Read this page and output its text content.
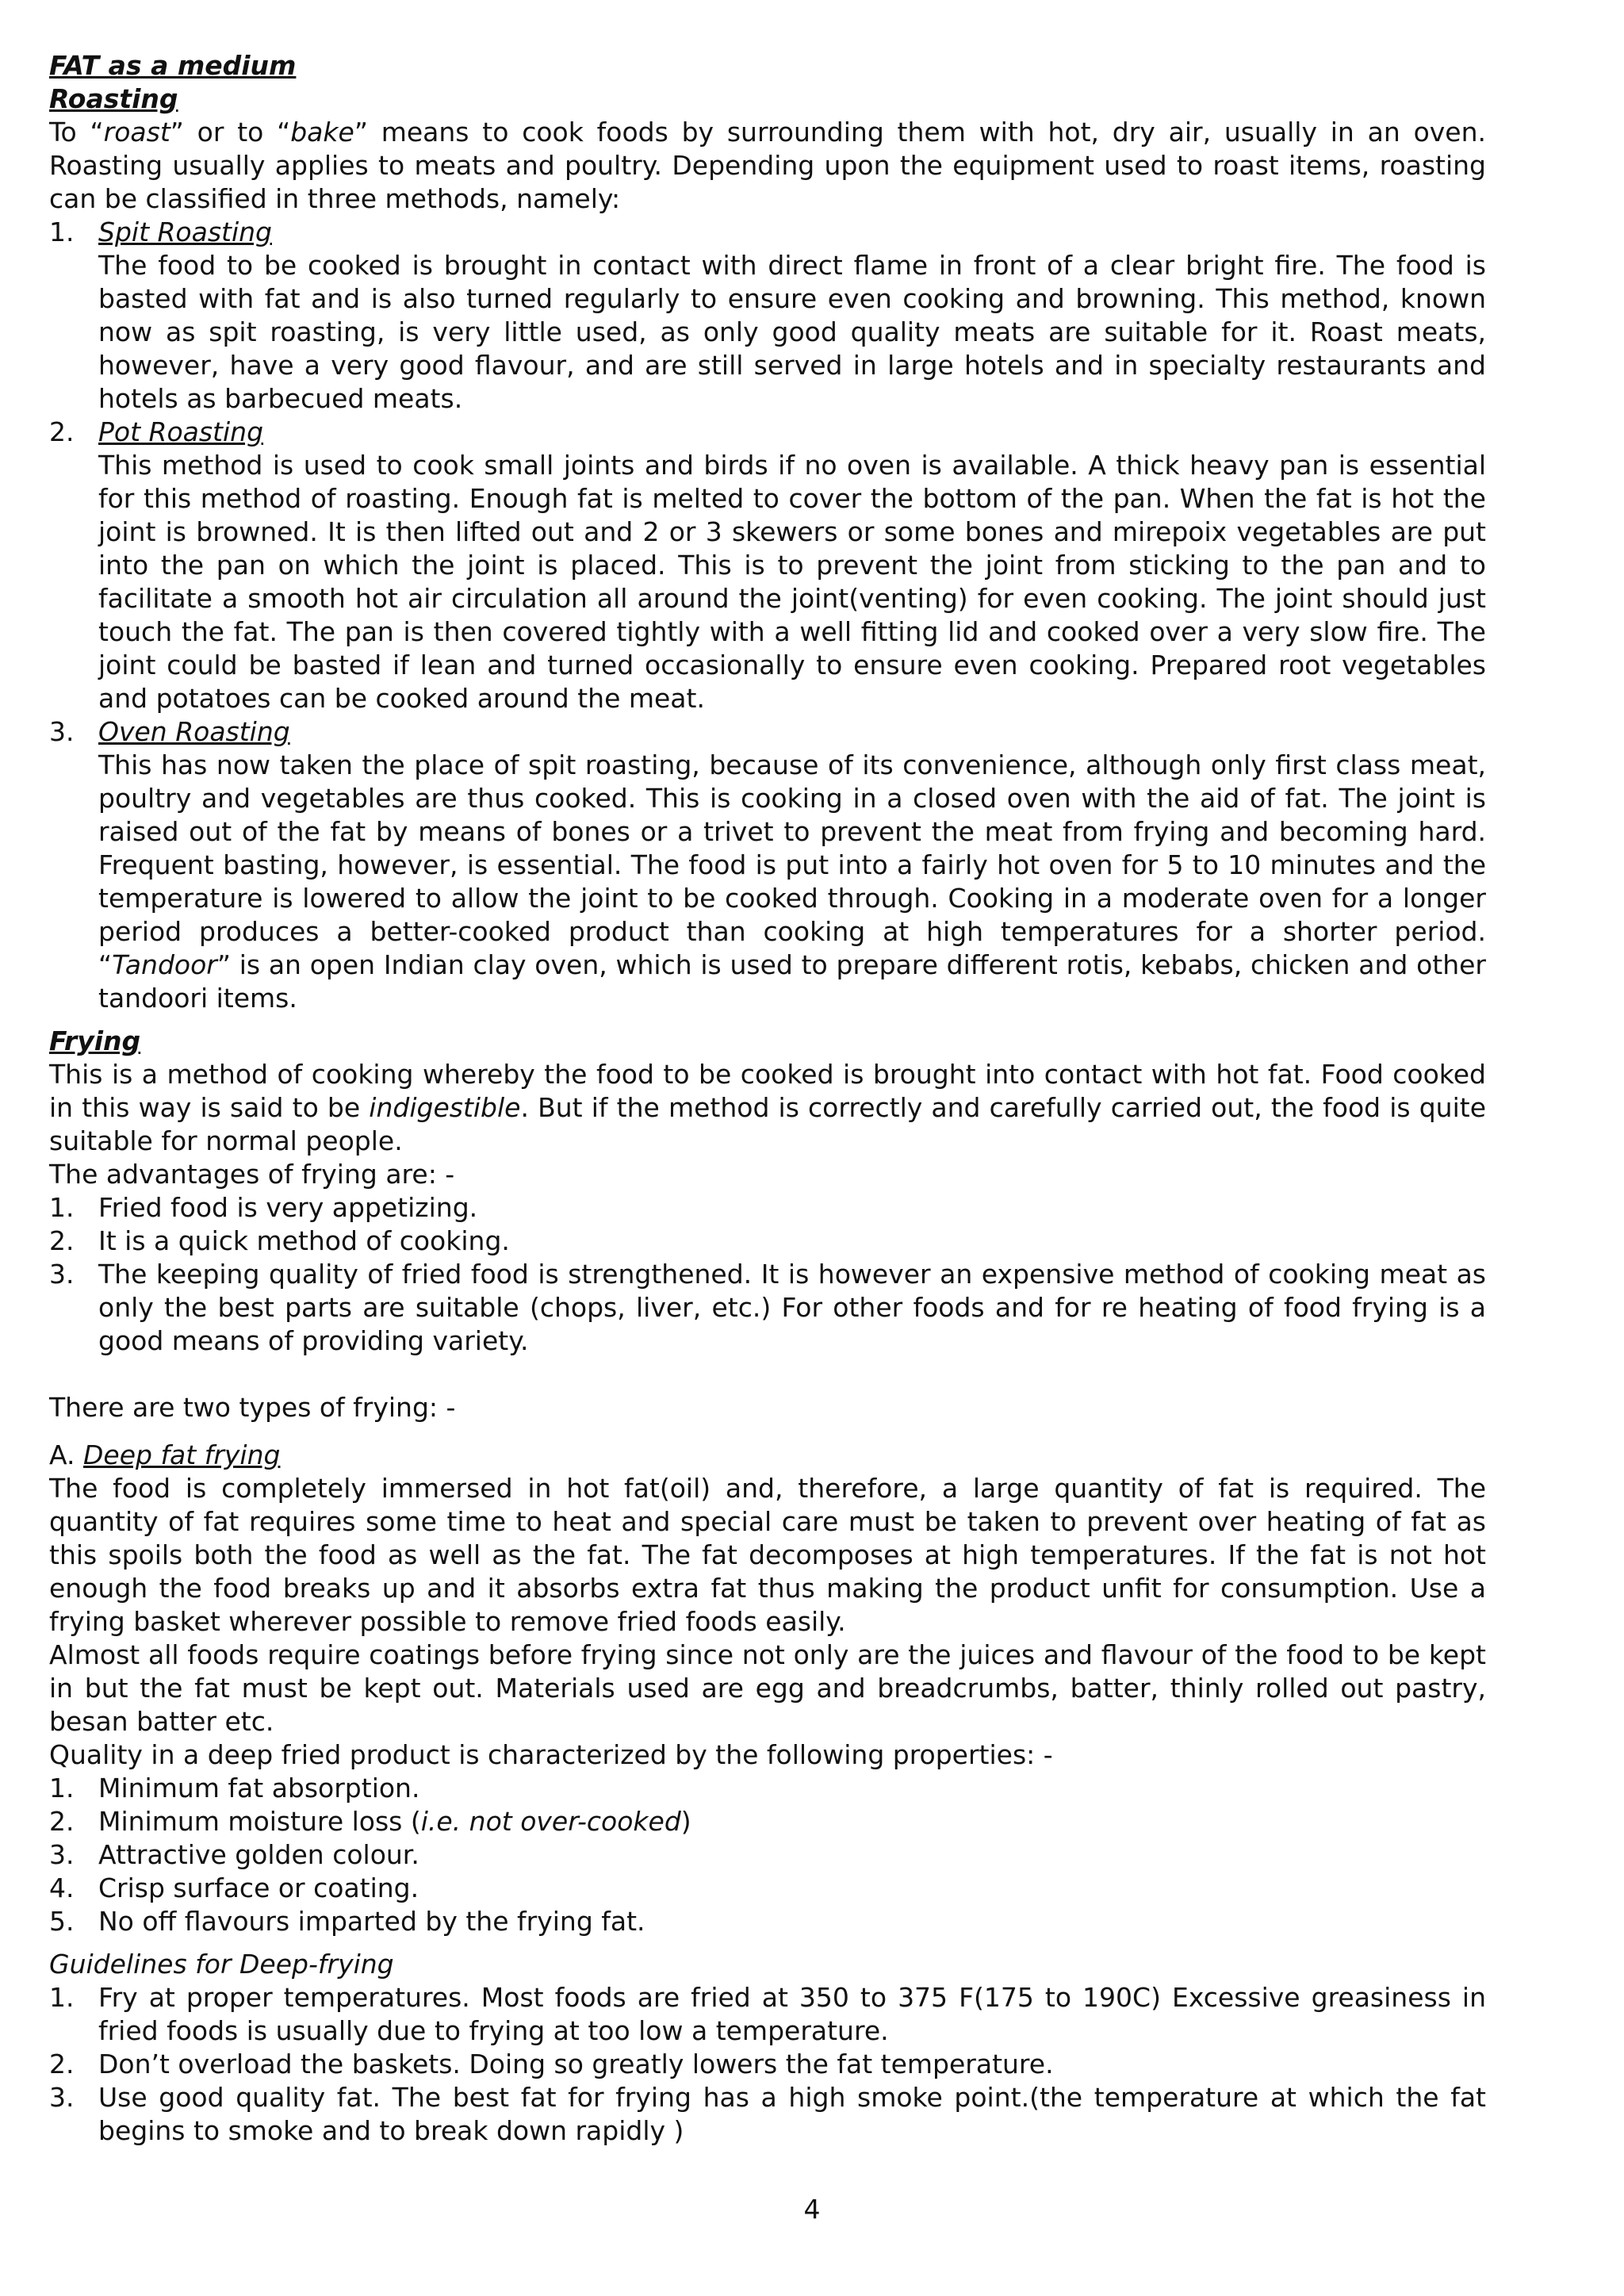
FAT as a medium

Roasting

To “roast” or to “bake” means to cook foods by surrounding them with hot, dry air, usually in an oven. Roasting usually applies to meats and poultry. Depending upon the equipment used to roast items, roasting can be classified in three methods, namely:

1. Spit Roasting
The food to be cooked is brought in contact with direct flame in front of a clear bright fire. The food is basted with fat and is also turned regularly to ensure even cooking and browning. This method, known now as spit roasting, is very little used, as only good quality meats are suitable for it. Roast meats, however, have a very good flavour, and are still served in large hotels and in specialty restaurants and hotels as barbecued meats.
2. Pot Roasting
This method is used to cook small joints and birds if no oven is available. A thick heavy pan is essential for this method of roasting. Enough fat is melted to cover the bottom of the pan. When the fat is hot the joint is browned. It is then lifted out and 2 or 3 skewers or some bones and mirepoix vegetables are put into the pan on which the joint is placed. This is to prevent the joint from sticking to the pan and to facilitate a smooth hot air circulation all around the joint(venting) for even cooking. The joint should just touch the fat. The pan is then covered tightly with a well fitting lid and cooked over a very slow fire. The joint could be basted if lean and turned occasionally to ensure even cooking. Prepared root vegetables and potatoes can be cooked around the meat.
3. Oven Roasting
This has now taken the place of spit roasting, because of its convenience, although only first class meat, poultry and vegetables are thus cooked. This is cooking in a closed oven with the aid of fat. The joint is raised out of the fat by means of bones or a trivet to prevent the meat from frying and becoming hard. Frequent basting, however, is essential. The food is put into a fairly hot oven for 5 to 10 minutes and the temperature is lowered to allow the joint to be cooked through. Cooking in a moderate oven for a longer period produces a better-cooked product than cooking at high temperatures for a shorter period. “Tandoor” is an open Indian clay oven, which is used to prepare different rotis, kebabs, chicken and other tandoori items.

Frying

This is a method of cooking whereby the food to be cooked is brought into contact with hot fat. Food cooked in this way is said to be indigestible. But if the method is correctly and carefully carried out, the food is quite suitable for normal people.

The advantages of frying are: -

1. Fried food is very appetizing.
2. It is a quick method of cooking.
3. The keeping quality of fried food is strengthened. It is however an expensive method of cooking meat as only the best parts are suitable (chops, liver, etc.) For other foods and for re heating of food frying is a good means of providing variety.

There are two types of frying: -

A. Deep fat frying

The food is completely immersed in hot fat(oil) and, therefore, a large quantity of fat is required. The quantity of fat requires some time to heat and special care must be taken to prevent over heating of fat as this spoils both the food as well as the fat. The fat decomposes at high temperatures. If the fat is not hot enough the food breaks up and it absorbs extra fat thus making the product unfit for consumption. Use a frying basket wherever possible to remove fried foods easily.

Almost all foods require coatings before frying since not only are the juices and flavour of the food to be kept in but the fat must be kept out. Materials used are egg and breadcrumbs, batter, thinly rolled out pastry, besan batter etc.

Quality in a deep fried product is characterized by the following properties: -

1. Minimum fat absorption.
2. Minimum moisture loss (i.e. not over-cooked)
3. Attractive golden colour.
4. Crisp surface or coating.
5. No off flavours imparted by the frying fat.

Guidelines for Deep-frying

1. Fry at proper temperatures. Most foods are fried at 350 to 375 F(175 to 190C) Excessive greasiness in fried foods is usually due to frying at too low a temperature.
2. Don’t overload the baskets. Doing so greatly lowers the fat temperature.
3. Use good quality fat. The best fat for frying has a high smoke point.(the temperature at which the fat begins to smoke and to break down rapidly )
4
